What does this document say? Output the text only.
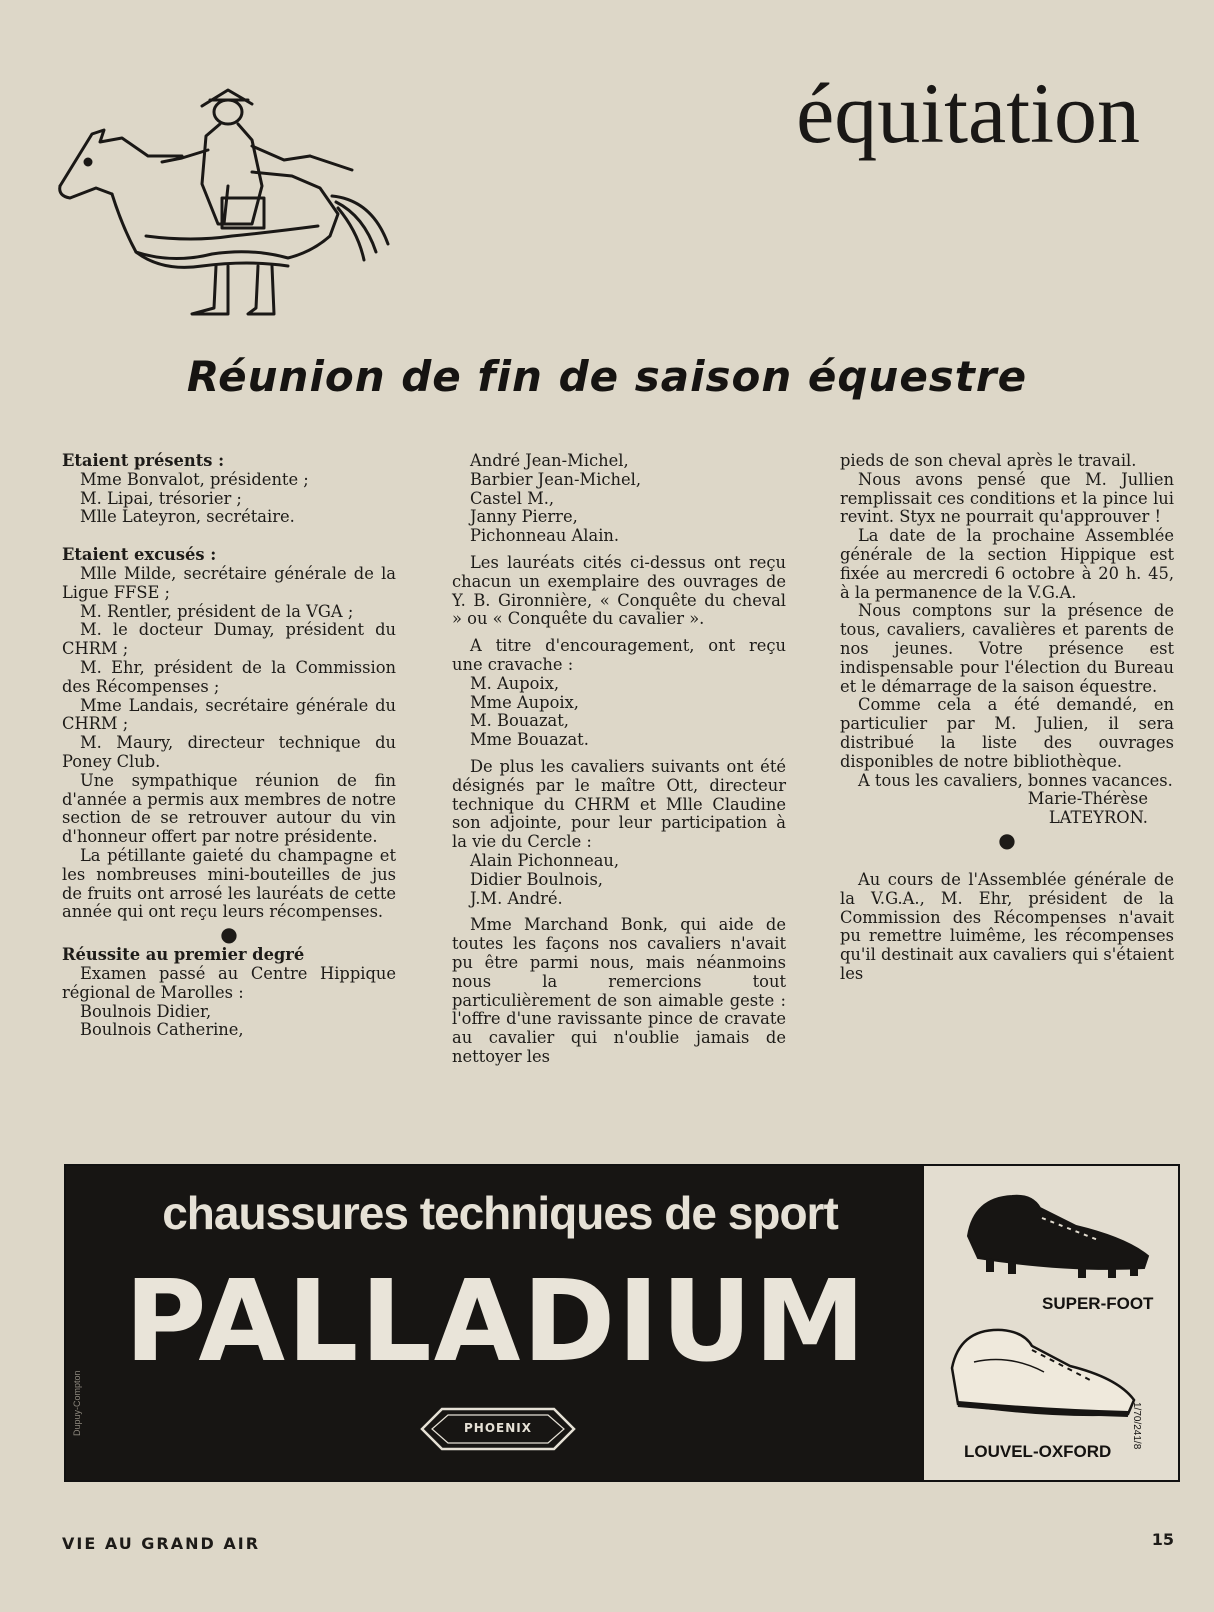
équitation
Réunion de fin de saison équestre

Etaient présents :

Mme Bonvalot, présidente ;
M. Lipai, trésorier ;
Mlle Lateyron, secrétaire.

Etaient excusés :

Mlle Milde, secrétaire générale de la Ligue FFSE ;

M. Rentler, président de la VGA ;

M. le docteur Dumay, président du CHRM ;

M. Ehr, président de la Commission des Récompenses ;

Mme Landais, secrétaire générale du CHRM ;

M. Maury, directeur technique du Poney Club.

Une sympathique réunion de fin d'année a permis aux membres de notre section de se retrouver autour du vin d'honneur offert par notre présidente.

La pétillante gaieté du champagne et les nombreuses mini-bouteilles de jus de fruits ont arrosé les lauréats de cette année qui ont reçu leurs récompenses.

●

Réussite au premier degré

Examen passé au Centre Hippique régional de Marolles :

Boulnois Didier,
Boulnois Catherine,
André Jean-Michel,
Barbier Jean-Michel,
Castel M.,
Janny Pierre,
Pichonneau Alain.

Les lauréats cités ci-dessus ont reçu chacun un exemplaire des ouvrages de Y. B. Gironnière, « Conquête du cheval » ou « Conquête du cavalier ».

A titre d'encouragement, ont reçu une cravache :

M. Aupoix,
Mme Aupoix,
M. Bouazat,
Mme Bouazat.

De plus les cavaliers suivants ont été désignés par le maître Ott, directeur technique du CHRM et Mlle Claudine son adjointe, pour leur participation à la vie du Cercle :

Alain Pichonneau,
Didier Boulnois,
J.M. André.

Mme Marchand Bonk, qui aide de toutes les façons nos cavaliers n'avait pu être parmi nous, mais néanmoins nous la remercions tout particulièrement de son aimable geste : l'offre d'une ravissante pince de cravate au cavalier qui n'oublie jamais de nettoyer les

pieds de son cheval après le travail.

Nous avons pensé que M. Jullien remplissait ces conditions et la pince lui revint. Styx ne pourrait qu'approuver !

La date de la prochaine Assemblée générale de la section Hippique est fixée au mercredi 6 octobre à 20 h. 45, à la permanence de la V.G.A.

Nous comptons sur la présence de tous, cavaliers, cavalières et parents de nos jeunes. Votre présence est indispensable pour l'élection du Bureau et le démarrage de la saison équestre.

Comme cela a été demandé, en particulier par M. Julien, il sera distribué la liste des ouvrages disponibles de notre bibliothèque.

A tous les cavaliers, bonnes vacances.

Marie-Thérèse

LATEYRON.

●

Au cours de l'Assemblée générale de la V.G.A., M. Ehr, président de la Commission des Récompenses n'avait pu remettre luimême, les récompenses qu'il destinait aux cavaliers qui s'étaient les

chaussures techniques de sport

PALLADIUM

PHOENIX
Dupuy-Compton

SUPER-FOOT

LOUVEL-OXFORD

1/70/241/8
VIE AU GRAND AIR	15
